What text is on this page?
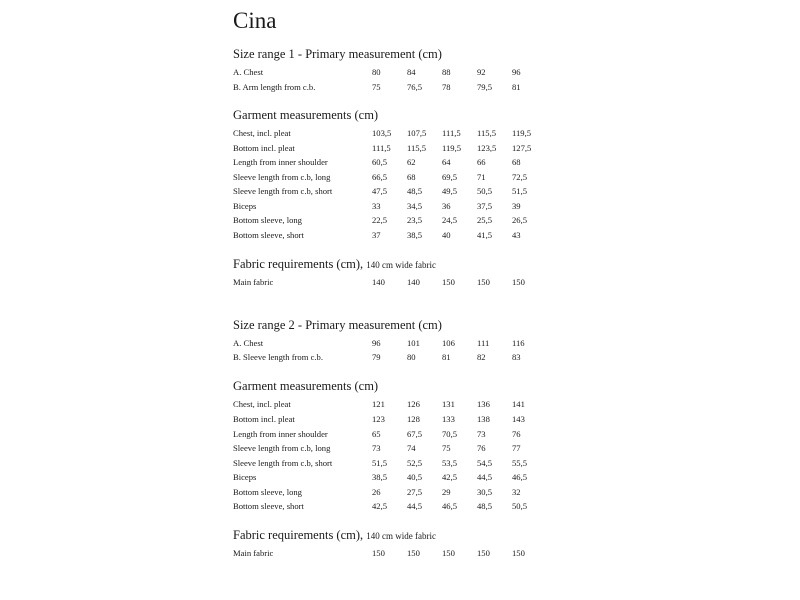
Cina
Size range 1 - Primary measurement (cm)
A. Chest	80	84	88	92	96
B. Arm length from c.b.	75	76,5 78	79,5 81
Garment measurements (cm)
Chest, incl. pleat	103,5 107,5 111,5 115,5 119,5
Bottom incl. pleat	111,5 115,5 119,5 123,5 127,5
Length from inner shoulder	60,5 62	64	66	68
Sleeve length from c.b, long	66,5 68	69,5 71	72,5
Sleeve length from c.b, short	47,5 48,5 49,5 50,5 51,5
Biceps	33	34,5 36	37,5 39
Bottom sleeve, long	22,5 23,5 24,5 25,5 26,5
Bottom sleeve, short	37	38,5 40	41,5 43
Fabric requirements (cm), 140 cm wide fabric
Main fabric	140	140	150	150	150
Size range 2 - Primary measurement (cm)
A. Chest	96	101	106	111	116
B. Sleeve length from c.b.	79	80	81	82	83
Garment measurements (cm)
Chest, incl. pleat	121	126	131	136	141
Bottom incl. pleat	123	128	133	138	143
Length from inner shoulder	65	67,5 70,5 73	76
Sleeve length from c.b, long	73	74	75	76	77
Sleeve length from c.b, short	51,5 52,5 53,5 54,5 55,5
Biceps	38,5 40,5 42,5 44,5 46,5
Bottom sleeve, long	26	27,5 29	30,5 32
Bottom sleeve, short	42,5 44,5 46,5 48,5 50,5
Fabric requirements (cm), 140 cm wide fabric
Main fabric	150	150	150	150	150
